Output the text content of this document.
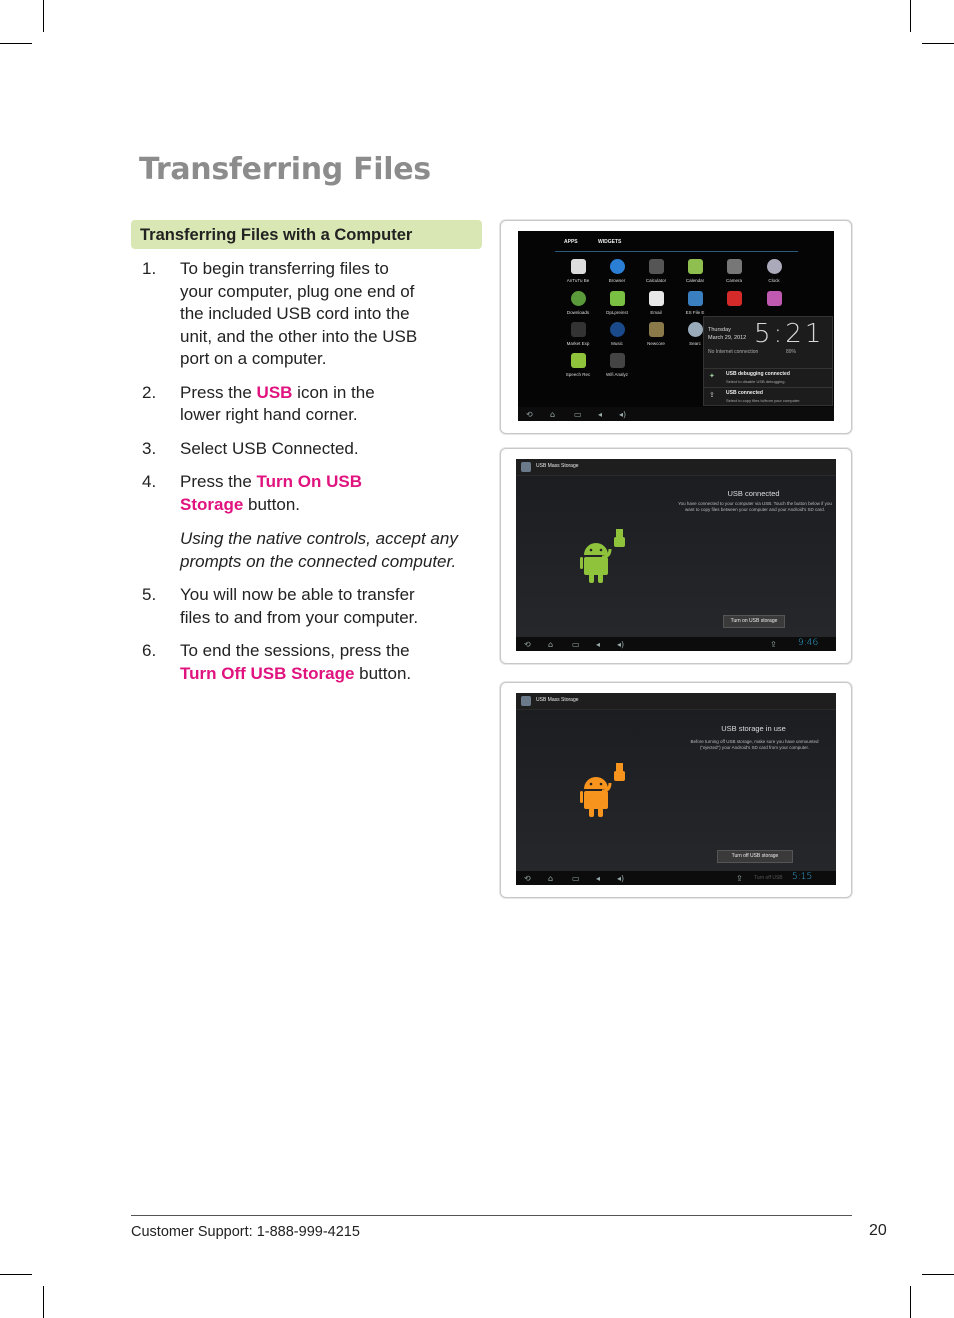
Transferring Files
Transferring Files with a Computer
1. To begin transferring files to your computer, plug one end of the included USB cord into the unit, and the other into the USB port on a computer.
2. Press the USB icon in the lower right hand corner.
3. Select USB Connected.
4. Press the Turn On USB Storage button.
Using the native controls, accept any prompts on the connected computer.
5. You will now be able to transfer files to and from your computer.
6. To end the sessions, press the Turn Off USB Storage button.
APPS	WIDGETS
AnTuTu Be	Browser	Calculator	Calendar	Camera	Clock
Downloads	DpLpreinst	Email	ES File E
Market Exp	Music	Newcore	Searc
Speech Rec	Wifi Analyz
Thursday
March 29, 2012 5:21
No Internet connection	89%
✦ USB debugging connected
Select to disable USB debugging.
⇪ USB connected
Select to copy files to/from your computer.
⟲ ⌂ ▭ ◂ ◂)
USB Mass Storage
USB connected
You have connected to your computer via USB. Touch the button below if you want to copy files between your computer and your Android's SD card.
Turn on USB storage
⟲ ⌂ ▭ ◂ ◂)	⇪ 9:46
USB Mass Storage
USB storage in use
Before turning off USB storage, make sure you have unmounted ("ejected") your Android's SD card from your computer.
Turn off USB storage
⟲ ⌂ ▭ ◂ ◂)	⇪ Turn off USB 5:15
Customer Support: 1-888-999-4215	20
